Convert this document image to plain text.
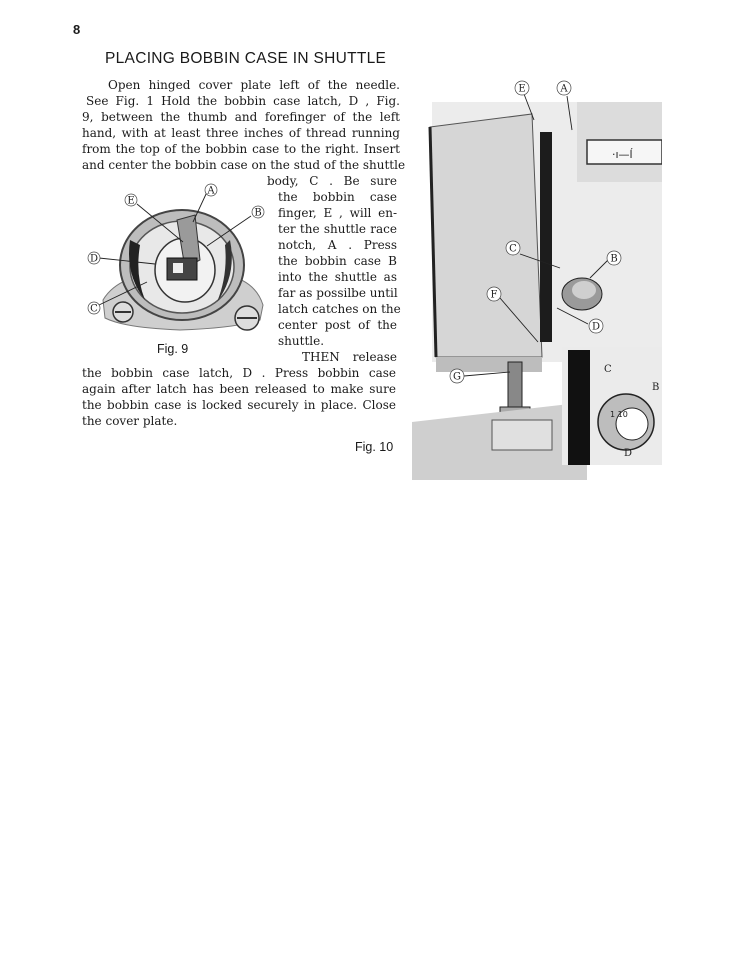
8
PLACING BOBBIN CASE IN SHUTTLE
Open hinged cover plate left of the needle.
See Fig. 1 Hold the bobbin case latch, D , Fig.
9, between the thumb and forefinger of the left
hand, with at least three inches of thread running
from the top of the bobbin case to the right. Insert
and center the bobbin case on the stud of the shuttle
body, C . Be sure
the bobbin case
finger, E , will en-
ter the shuttle race
notch, A . Press
the bobbin case B
into the shuttle as
far as possilbe until
latch catches on the
center post of the
shuttle.
THEN release
the bobbin case latch, D . Press bobbin case
again after latch has been released to make sure
the bobbin case is locked securely in place. Close
the cover plate.
E
A
B
D
C
Fig. 9
·ı—ĺ
1 10
E	A
C
B
F
D
G
C
B
D
Fig. 10
